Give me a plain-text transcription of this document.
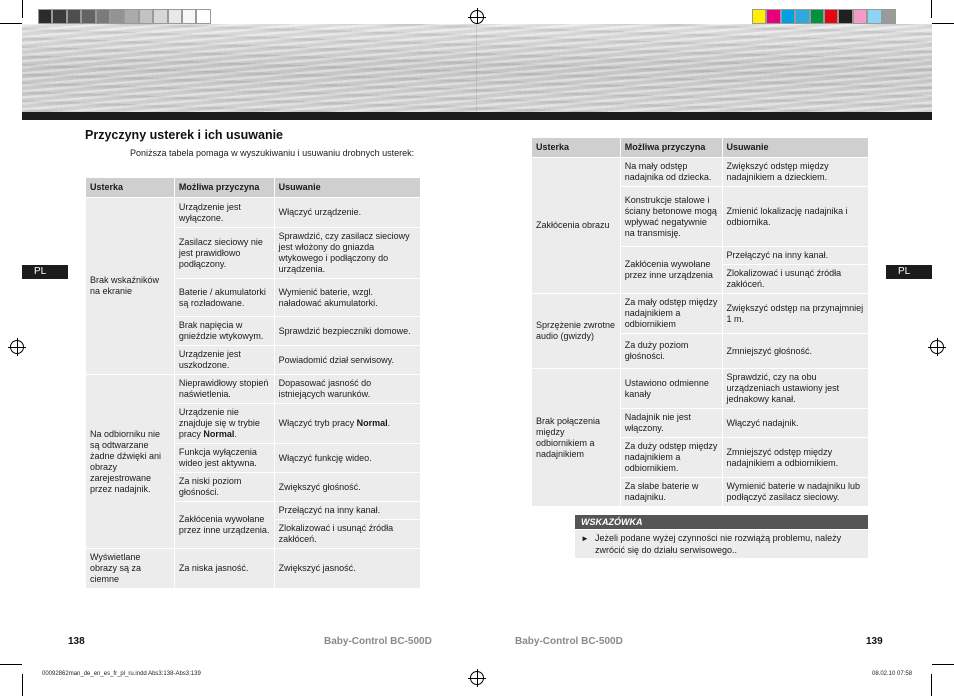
PL	PL
Przyczyny usterek i ich usuwanie

Poniższa tabela pomaga w wyszukiwaniu i usuwaniu drobnych usterek:

Usterka	Możliwa przyczyna	Usuwanie
Brak wskaźników na ekranie	Urządzenie jest wyłączone.	Włączyć urządzenie.
	Zasilacz sieciowy nie jest prawidłowo podłączony.	Sprawdzić, czy zasilacz sieciowy jest włożony do gniazda wtykowego i podłączony do urządzenia.
	Baterie / akumulatorki są rozładowane.	Wymienić baterie, wzgl. naładować akumulatorki.
	Brak napięcia w gnieździe wtykowym.	Sprawdzić bezpieczniki domowe.
	Urządzenie jest uszkodzone.	Powiadomić dział serwisowy.
Na odbiorniku nie są odtwarzane żadne dźwięki ani obrazy zarejestrowane przez nadajnik.	Nieprawidłowy stopień naświetlenia.	Dopasować jasność do istniejących warunków.
	Urządzenie nie znajduje się w trybie pracy Normal.	Włączyć tryb pracy Normal.
	Funkcja wyłączenia wideo jest aktywna.	Włączyć funkcję wideo.
	Za niski poziom głośności.	Zwiększyć głośność.
	Zakłócenia wywołane przez inne urządzenia.	Przełączyć na inny kanał.
		Zlokalizować i usunąć źródła zakłóceń.
Wyświetlane obrazy są za ciemne	Za niska jasność.	Zwiększyć jasność.
Usterka	Możliwa przyczyna	Usuwanie
Zakłócenia obrazu	Na mały odstęp nadajnika od dziecka.	Zwiększyć odstęp między nadajnikiem a dzieckiem.
	Konstrukcje stalowe i ściany betonowe mogą wpływać negatywnie na transmisję.	Zmienić lokalizację nadajnika i odbiornika.
	Zakłócenia wywołane przez inne urządzenia	Przełączyć na inny kanał.
		Zlokalizować i usunąć źródła zakłóceń.
Sprzężenie zwrotne audio (gwizdy)	Za mały odstęp między nadajnikiem a odbiornikiem	Zwiększyć odstęp na przynajmniej 1 m.
	Za duży poziom głośności.	Zmniejszyć głośność.
Brak połączenia między odbiornikiem a nadajnikiem	Ustawiono odmienne kanały	Sprawdzić, czy na obu urządzeniach ustawiony jest jednakowy kanał.
	Nadajnik nie jest włączony.	Włączyć nadajnik.
	Za duży odstęp między nadajnikiem a odbiornikiem.	Zmniejszyć odstęp między nadajnikiem a odbiornikiem.
	Za słabe baterie w nadajniku.	Wymienić baterie w nadajniku lub podłączyć zasilacz sieciowy.
WSKAZÓWKA
► Jeżeli podane wyżej czynności nie rozwiążą problemu, należy zwrócić się do działu serwisowego..
138	Baby-Control BC-500D	Baby-Control BC-500D	139
00092862man_de_en_es_fr_pl_ru.indd Abs3:138-Abs3:139	08.02.10 07:58
